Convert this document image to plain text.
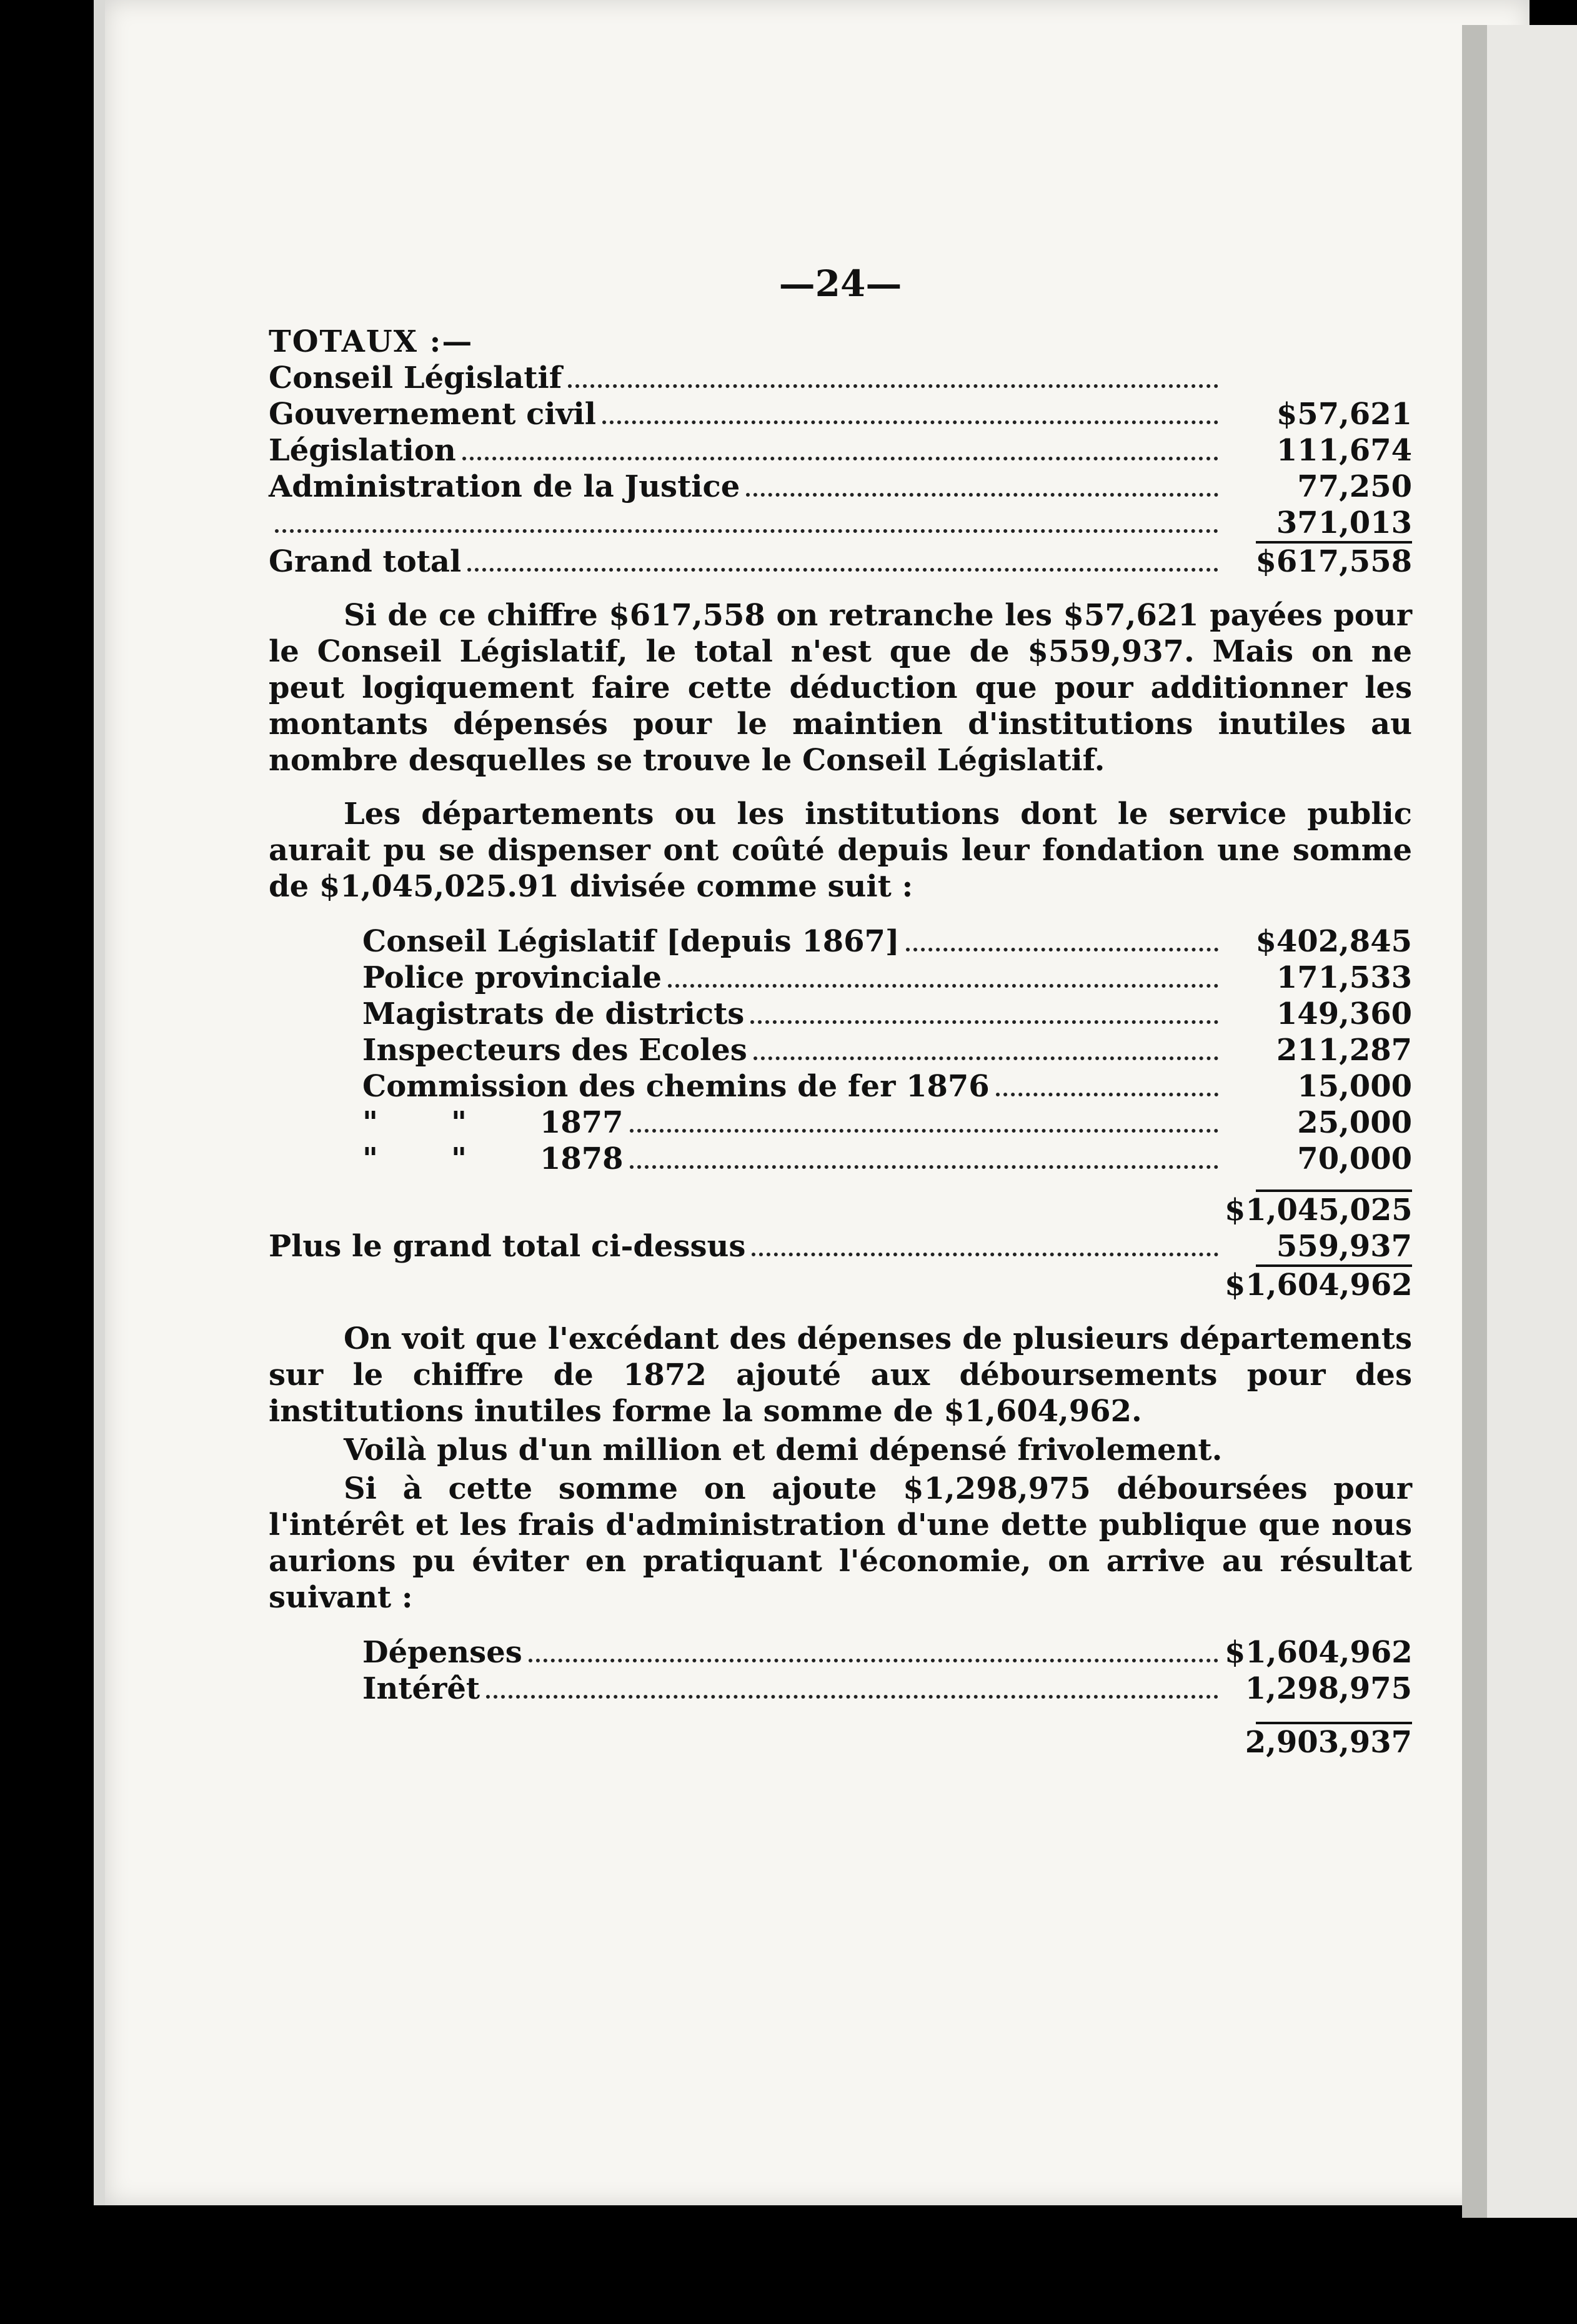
—24—
TOTAUX :—
Conseil Législatif
Gouvernement civil	$57,621
Législation	111,674
Administration de la Justice	77,250
371,013
Grand total	$617,558

Si de ce chiffre $617,558 on retranche les $57,621 payées pour le Conseil Législatif, le total n'est que de $559,937. Mais on ne peut logiquement faire cette déduction que pour additionner les montants dépensés pour le maintien d'institutions inutiles au nombre desquelles se trouve le Conseil Législatif.

Les départements ou les institutions dont le service public aurait pu se dispenser ont coûté depuis leur fondation une somme de $1,045,025.91 divisée comme suit :

Conseil Législatif [depuis 1867]	$402,845
Police provinciale	171,533
Magistrats de districts	149,360
Inspecteurs des Ecoles	211,287
Commission des chemins de fer 1876	15,000
"       "       1877	25,000
"       "       1878	70,000
$1,045,025
Plus le grand total ci-dessus	559,937
$1,604,962

On voit que l'excédant des dépenses de plusieurs départements sur le chiffre de 1872 ajouté aux déboursements pour des institutions inutiles forme la somme de $1,604,962.

Voilà plus d'un million et demi dépensé frivolement.

Si à cette somme on ajoute $1,298,975 déboursées pour l'intérêt et les frais d'administration d'une dette publique que nous aurions pu éviter en pratiquant l'économie, on arrive au résultat suivant :

Dépenses	$1,604,962
Intérêt	1,298,975
2,903,937
